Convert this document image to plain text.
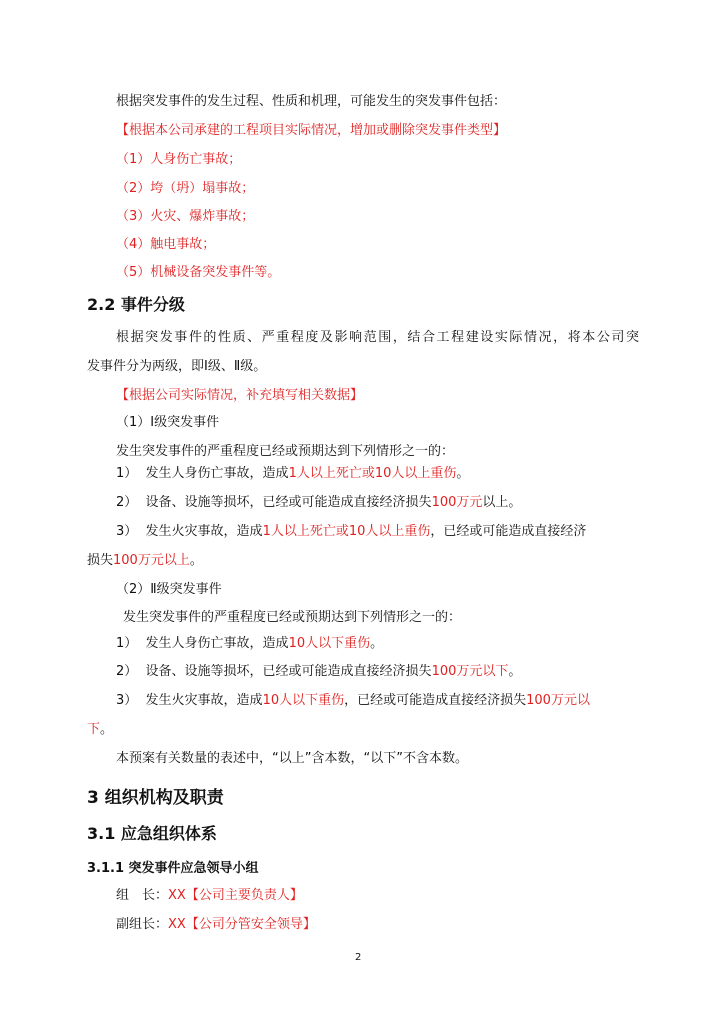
根据突发事件的发生过程、性质和机理，可能发生的突发事件包括：
【根据本公司承建的工程项目实际情况，增加或删除突发事件类型】
（1）人身伤亡事故；
（2）垮（坍）塌事故；
（3）火灾、爆炸事故；
（4）触电事故；
（5）机械设备突发事件等。
2.2 事件分级
根据突发事件的性质、严重程度及影响范围，结合工程建设实际情况，将本公司突
发事件分为两级，即Ⅰ级、Ⅱ级。
【根据公司实际情况，补充填写相关数据】
（1）Ⅰ级突发事件
发生突发事件的严重程度已经或预期达到下列情形之一的：
1） 发生人身伤亡事故，造成1人以上死亡或10人以上重伤。
2） 设备、设施等损坏，已经或可能造成直接经济损失100万元以上。
3） 发生火灾事故，造成1人以上死亡或10人以上重伤，已经或可能造成直接经济
损失100万元以上。
（2）Ⅱ级突发事件
发生突发事件的严重程度已经或预期达到下列情形之一的：
1） 发生人身伤亡事故，造成10人以下重伤。
2） 设备、设施等损坏，已经或可能造成直接经济损失100万元以下。
3） 发生火灾事故，造成10人以下重伤，已经或可能造成直接经济损失100万元以
下。
本预案有关数量的表述中，“以上”含本数，“以下”不含本数。
3 组织机构及职责
3.1 应急组织体系
3.1.1 突发事件应急领导小组
组　长：XX【公司主要负责人】
副组长：XX【公司分管安全领导】
2
